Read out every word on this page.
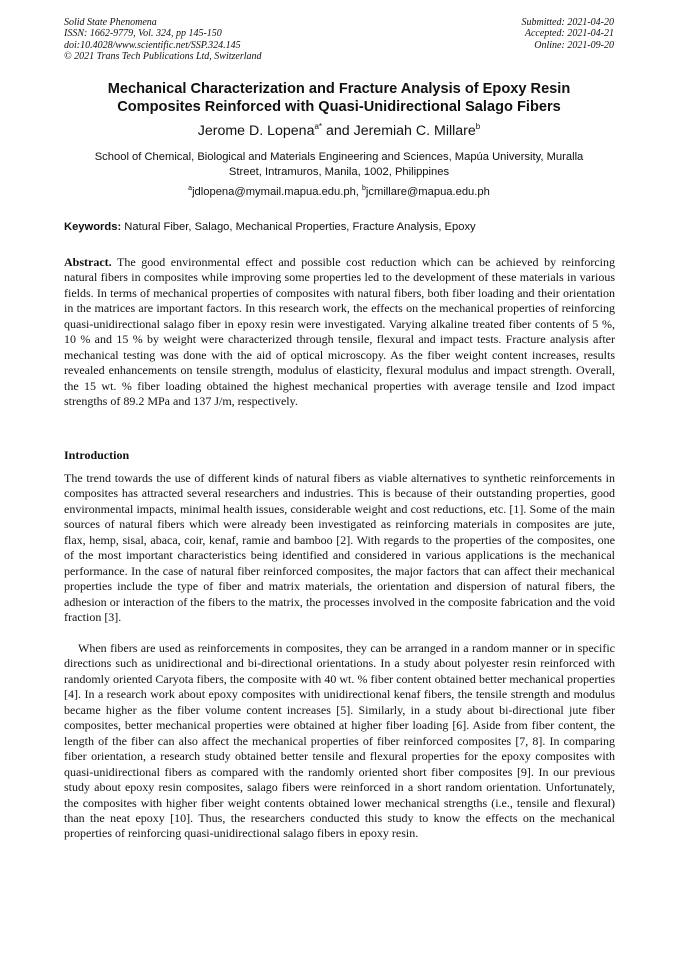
Solid State Phenomena
ISSN: 1662-9779, Vol. 324, pp 145-150
doi:10.4028/www.scientific.net/SSP.324.145
© 2021 Trans Tech Publications Ltd, Switzerland
Submitted: 2021-04-20
Accepted: 2021-04-21
Online: 2021-09-20
Mechanical Characterization and Fracture Analysis of Epoxy Resin
Composites Reinforced with Quasi-Unidirectional Salago Fibers
Jerome D. Lopena$^{a*}$ and Jeremiah C. Millare$^b$
School of Chemical, Biological and Materials Engineering and Sciences, Mapúa University, Muralla
Street, Intramuros, Manila, 1002, Philippines
$^a$jdlopena@mymail.mapua.edu.ph, $^b$jcmillare@mapua.edu.ph
Keywords: Natural Fiber, Salago, Mechanical Properties, Fracture Analysis, Epoxy

Abstract. The good environmental effect and possible cost reduction which can be achieved by reinforcing natural fibers in composites while improving some properties led to the development of these materials in various fields. In terms of mechanical properties of composites with natural fibers, both fiber loading and their orientation in the matrices are important factors. In this research work, the effects on the mechanical properties of reinforcing quasi-unidirectional salago fiber in epoxy resin were investigated. Varying alkaline treated fiber contents of 5 %, 10 % and 15 % by weight were characterized through tensile, flexural and impact tests. Fracture analysis after mechanical testing was done with the aid of optical microscopy. As the fiber weight content increases, results revealed enhancements on tensile strength, modulus of elasticity, flexural modulus and impact strength. Overall, the 15 wt. % fiber loading obtained the highest mechanical properties with average tensile and Izod impact strengths of 89.2 MPa and 137 J/m, respectively.

Introduction

The trend towards the use of different kinds of natural fibers as viable alternatives to synthetic reinforcements in composites has attracted several researchers and industries. This is because of their outstanding properties, good environmental impacts, minimal health issues, considerable weight and cost reductions, etc. [1]. Some of the main sources of natural fibers which were already been investigated as reinforcing materials in composites are jute, flax, hemp, sisal, abaca, coir, kenaf, ramie and bamboo [2]. With regards to the properties of the composites, one of the most important characteristics being identified and considered in various applications is the mechanical performance. In the case of natural fiber reinforced composites, the major factors that can affect their mechanical properties include the type of fiber and matrix materials, the orientation and dispersion of natural fibers, the adhesion or interaction of the fibers to the matrix, the processes involved in the composite fabrication and the void fraction [3].

When fibers are used as reinforcements in composites, they can be arranged in a random manner or in specific directions such as unidirectional and bi-directional orientations. In a study about polyester resin reinforced with randomly oriented Caryota fibers, the composite with 40 wt. % fiber content obtained better mechanical properties [4]. In a research work about epoxy composites with unidirectional kenaf fibers, the tensile strength and modulus became higher as the fiber volume content increases [5]. Similarly, in a study about bi-directional jute fiber composites, better mechanical properties were obtained at higher fiber loading [6]. Aside from fiber content, the length of the fiber can also affect the mechanical properties of fiber reinforced composites [7, 8]. In comparing fiber orientation, a research study obtained better tensile and flexural properties for the epoxy composites with quasi-unidirectional fibers as compared with the randomly oriented short fiber composites [9]. In our previous study about epoxy resin composites, salago fibers were reinforced in a short random orientation. Unfortunately, the composites with higher fiber weight contents obtained lower mechanical strengths (i.e., tensile and flexural) than the neat epoxy [10]. Thus, the researchers conducted this study to know the effects on the mechanical properties of reinforcing quasi-unidirectional salago fibers in epoxy resin.
